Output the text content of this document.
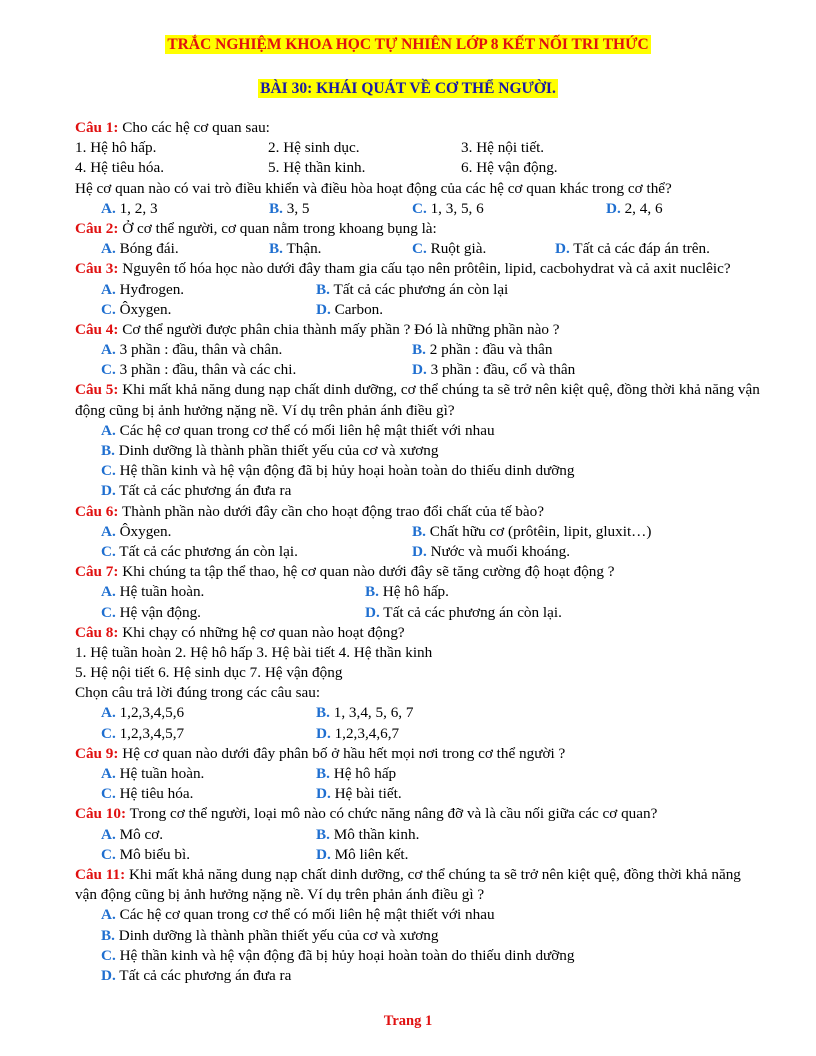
TRẮC NGHIỆM KHOA HỌC TỰ NHIÊN LỚP 8 KẾT NỐI TRI THỨC
BÀI 30: KHÁI QUÁT VỀ CƠ THỂ NGƯỜI.
Câu 1: Cho các hệ cơ quan sau:
1. Hệ hô hấp.	2. Hệ sinh dục.	3. Hệ nội tiết.
4. Hệ tiêu hóa.	5. Hệ thần kinh.	6. Hệ vận động.
Hệ cơ quan nào có vai trò điều khiển và điều hòa hoạt động của các hệ cơ quan khác trong cơ thể?
A. 1, 2, 3	B. 3, 5	C. 1, 3, 5, 6	D. 2, 4, 6
Câu 2: Ở cơ thể người, cơ quan nằm trong khoang bụng là:
A. Bóng đái.	B. Thận.	C. Ruột già.	D. Tất cả các đáp án trên.
Câu 3: Nguyên tố hóa học nào dưới đây tham gia cấu tạo nên prôtêin, lipid, cacbohydrat và cả axit nuclêic?
A. Hyđrogen.	B. Tất cả các phương án còn lại
C. Ôxygen.	D. Carbon.
Câu 4: Cơ thể người được phân chia thành mấy phần ? Đó là những phần nào ?
A. 3 phần : đầu, thân và chân.	B. 2 phần : đầu và thân
C. 3 phần : đầu, thân và các chi.	D. 3 phần : đầu, cổ và thân
Câu 5: Khi mất khả năng dung nạp chất dinh dưỡng, cơ thể chúng ta sẽ trở nên kiệt quệ, đồng thời khả năng vận động cũng bị ảnh hưởng nặng nề. Ví dụ trên phản ánh điều gì?
A. Các hệ cơ quan trong cơ thể có mối liên hệ mật thiết với nhau
B. Dinh dưỡng là thành phần thiết yếu của cơ và xương
C. Hệ thần kinh và hệ vận động đã bị hủy hoại hoàn toàn do thiếu dinh dưỡng
D. Tất cả các phương án đưa ra
Câu 6: Thành phần nào dưới đây cần cho hoạt động trao đổi chất của tế bào?
A. Ôxygen.	B. Chất hữu cơ (prôtêin, lipit, gluxit…)
C. Tất cả các phương án còn lại.	D. Nước và muối khoáng.
Câu 7: Khi chúng ta tập thể thao, hệ cơ quan nào dưới đây sẽ tăng cường độ hoạt động ?
A. Hệ tuần hoàn.	B. Hệ hô hấp.
C. Hệ vận động.	D. Tất cả các phương án còn lại.
Câu 8: Khi chạy có những hệ cơ quan nào hoạt động?
1. Hệ tuần hoàn 2. Hệ hô hấp 3. Hệ bài tiết 4. Hệ thần kinh
5. Hệ nội tiết 6. Hệ sinh dục 7. Hệ vận động
Chọn câu trả lời đúng trong các câu sau:
A. 1,2,3,4,5,6	B. 1, 3,4, 5, 6, 7
C. 1,2,3,4,5,7	D. 1,2,3,4,6,7
Câu 9: Hệ cơ quan nào dưới đây phân bố ở hầu hết mọi nơi trong cơ thể người ?
A. Hệ tuần hoàn.	B. Hệ hô hấp
C. Hệ tiêu hóa.	D. Hệ bài tiết.
Câu 10: Trong cơ thể người, loại mô nào có chức năng nâng đỡ và là cầu nối giữa các cơ quan?
A. Mô cơ.	B. Mô thần kinh.
C. Mô biểu bì.	D. Mô liên kết.
Câu 11: Khi mất khả năng dung nạp chất dinh dưỡng, cơ thể chúng ta sẽ trở nên kiệt quệ, đồng thời khả năng vận động cũng bị ảnh hưởng nặng nề. Ví dụ trên phản ánh điều gì ?
A. Các hệ cơ quan trong cơ thể có mối liên hệ mật thiết với nhau
B. Dinh dưỡng là thành phần thiết yếu của cơ và xương
C. Hệ thần kinh và hệ vận động đã bị hủy hoại hoàn toàn do thiếu dinh dưỡng
D. Tất cả các phương án đưa ra
Trang 1
